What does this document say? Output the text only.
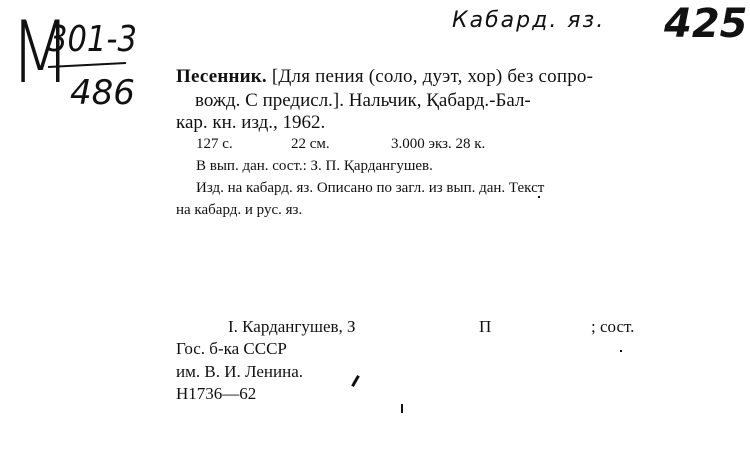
M
301-3
486
Кабард. яз. 425
Песенник. [Для пения (соло, дуэт, хор) без сопро-
вожд. С предисл.]. Нальчик, Қабард.-Бал-
кар. кн. изд., 1962.
127 с.	22 см.	3.000 экз. 28 к.
В вып. дан. сост.: З. П. Қардангушев.
Изд. на кабард. яз. Описано по загл. из вып. дан. Текст
на кабард. и рус. яз.
I. Кардангушев, З	П	; сост.
Гос. б-ка СССР
им. В. И. Ленина.
Н1736—62
